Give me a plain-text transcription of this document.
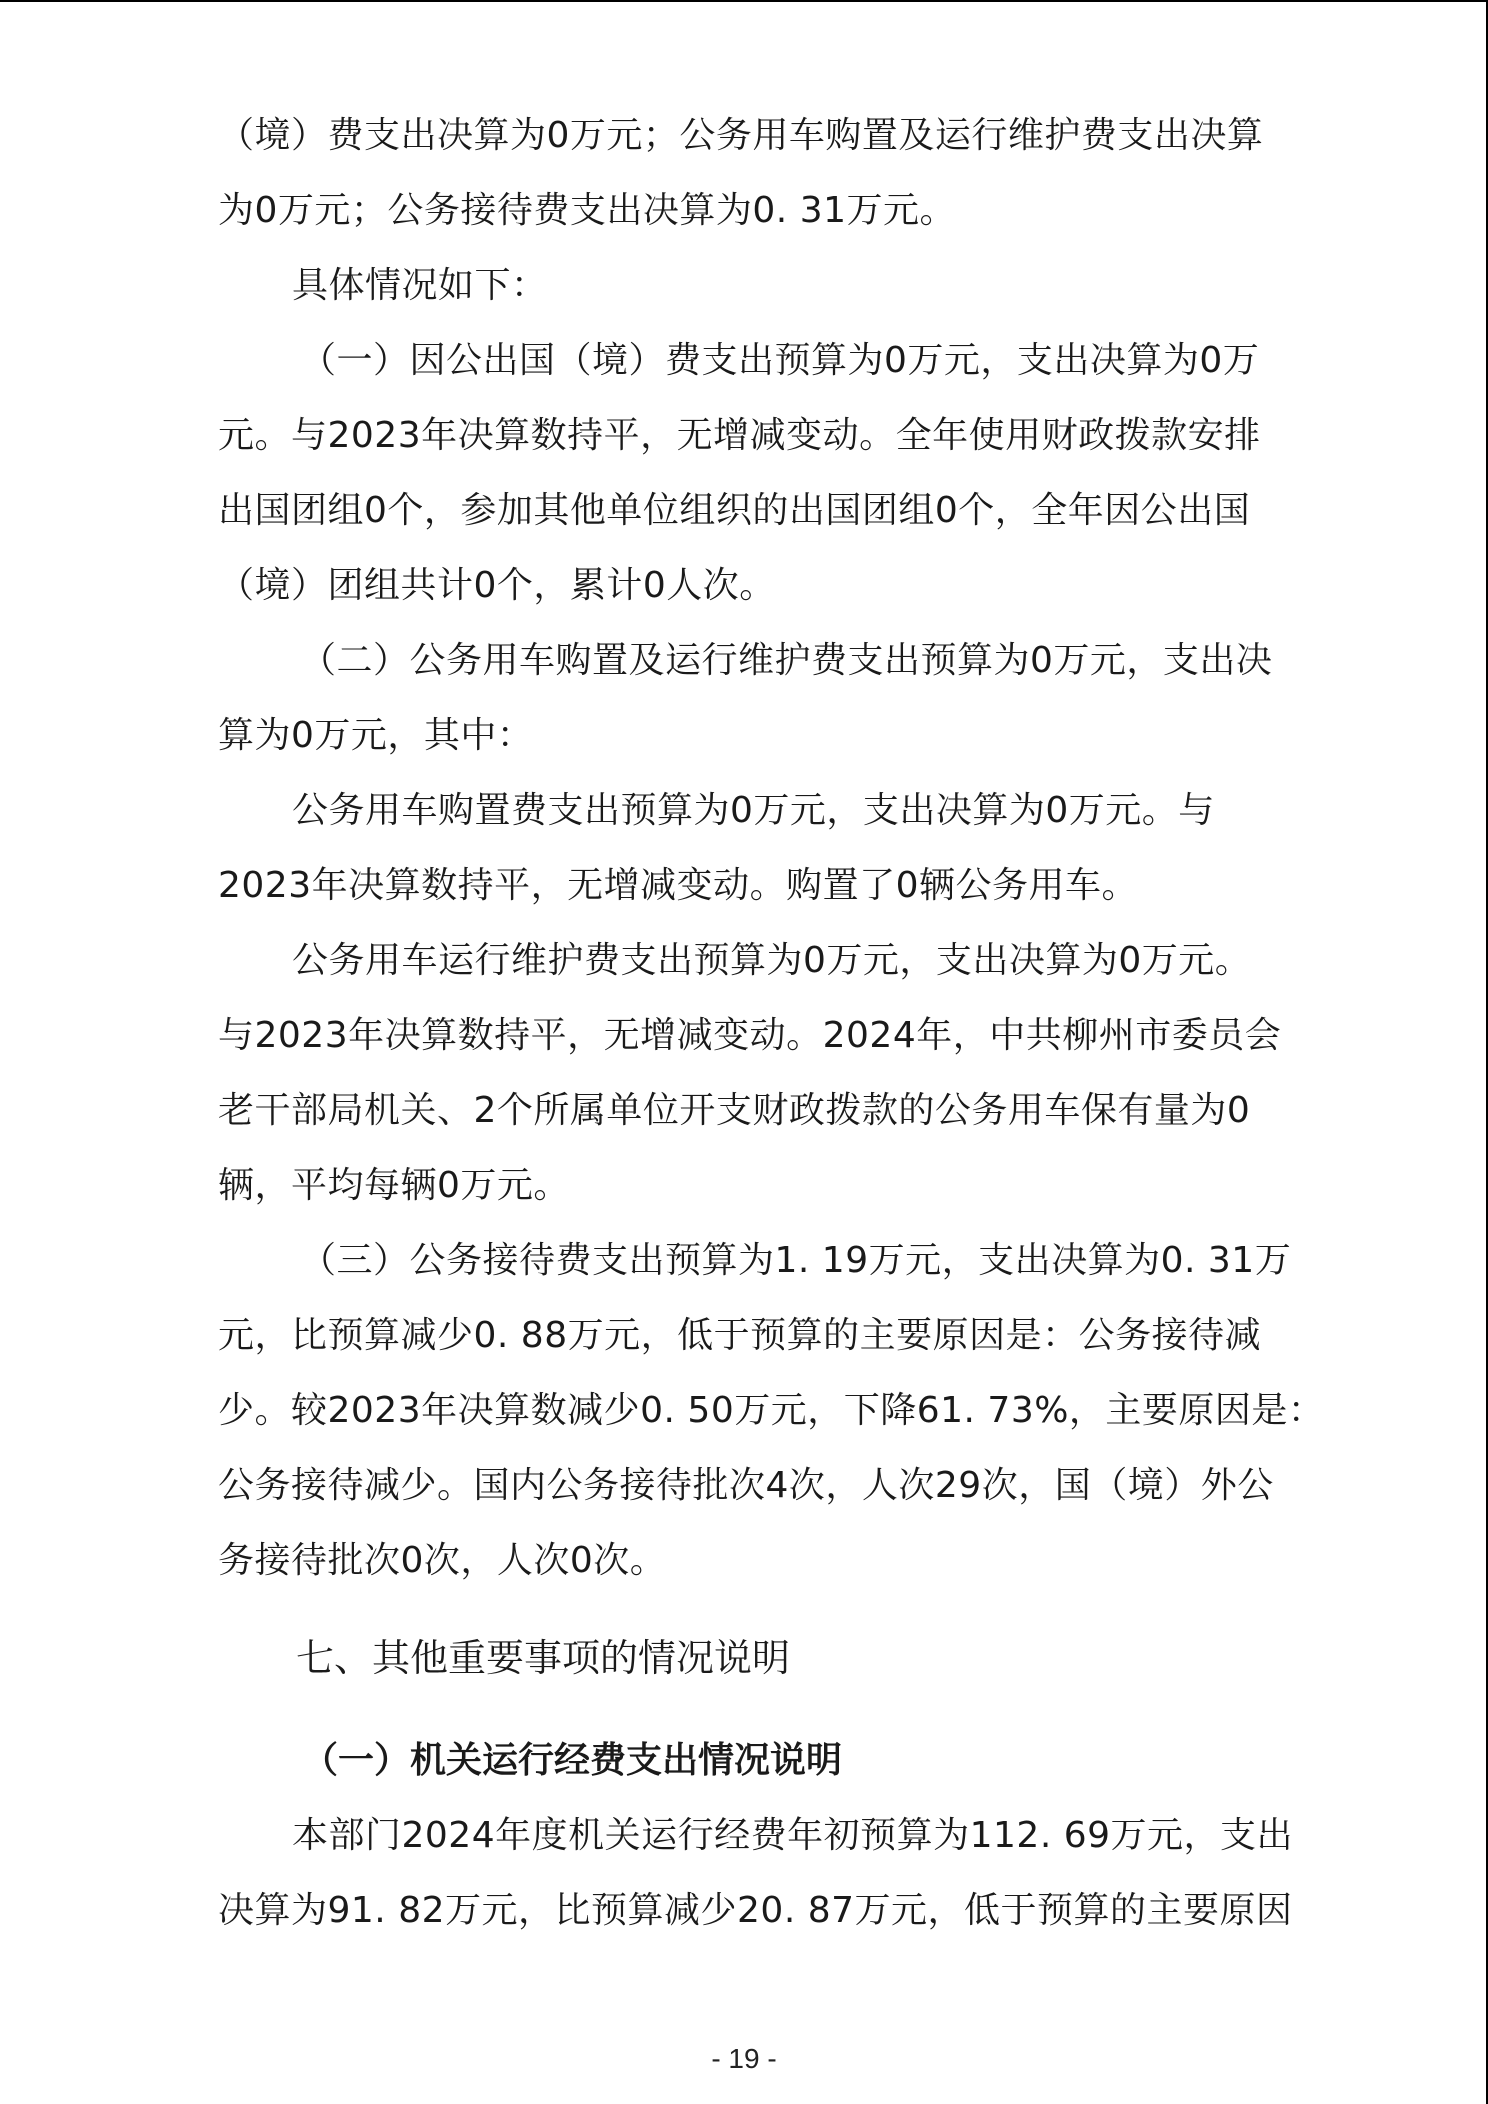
（境）费支出决算为0万元；公务用车购置及运行维护费支出决算
为0万元；公务接待费支出决算为0. 31万元。
具体情况如下：
（一）因公出国（境）费支出预算为0万元，支出决算为0万
元。与2023年决算数持平，无增减变动。全年使用财政拨款安排
出国团组0个，参加其他单位组织的出国团组0个，全年因公出国
（境）团组共计0个，累计0人次。
（二）公务用车购置及运行维护费支出预算为0万元，支出决
算为0万元，其中：
公务用车购置费支出预算为0万元，支出决算为0万元。与
2023年决算数持平，无增减变动。购置了0辆公务用车。
公务用车运行维护费支出预算为0万元，支出决算为0万元。
与2023年决算数持平，无增减变动。2024年，中共柳州市委员会
老干部局机关、2个所属单位开支财政拨款的公务用车保有量为0
辆，平均每辆0万元。
（三）公务接待费支出预算为1. 19万元，支出决算为0. 31万
元，比预算减少0. 88万元，低于预算的主要原因是：公务接待减
少。较2023年决算数减少0. 50万元，下降61. 73%，主要原因是：
公务接待减少。国内公务接待批次4次，人次29次，国（境）外公
务接待批次0次，人次0次。
七、其他重要事项的情况说明
（一）机关运行经费支出情况说明
本部门2024年度机关运行经费年初预算为112. 69万元，支出
决算为91. 82万元，比预算减少20. 87万元，低于预算的主要原因
- 19 -
